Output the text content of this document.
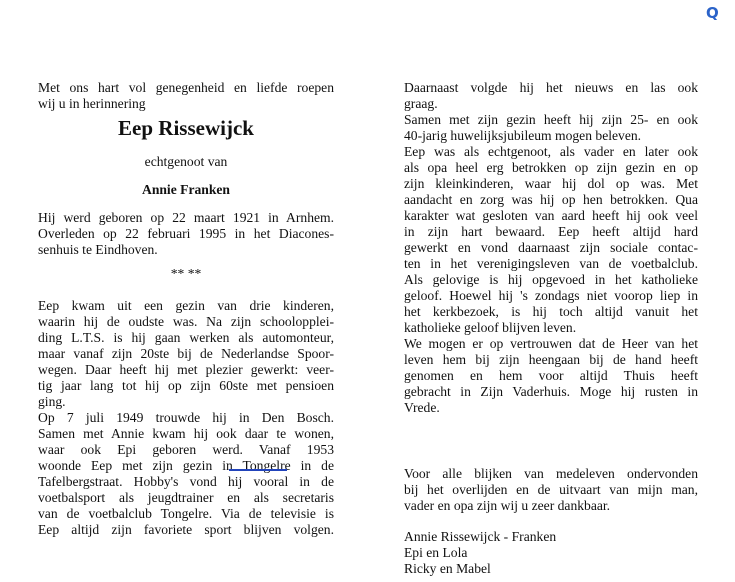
Q
Met ons hart vol genegenheid en liefde roepen
wij u in herinnering
Eep Rissewijck
echtgenoot van
Annie Franken
Hij werd geboren op 22 maart 1921 in Arnhem.
Overleden op 22 februari 1995 in het Diacones-
senhuis te Eindhoven.
** **
Eep kwam uit een gezin van drie kinderen,
waarin hij de oudste was. Na zijn schoolopplei-
ding L.T.S. is hij gaan werken als automonteur,
maar vanaf zijn 20ste bij de Nederlandse Spoor-
wegen. Daar heeft hij met plezier gewerkt: veer-
tig jaar lang tot hij op zijn 60ste met pensioen
ging.
Op 7 juli 1949 trouwde hij in Den Bosch.
Samen met Annie kwam hij ook daar te wonen,
waar ook Epi geboren werd. Vanaf 1953
woonde Eep met zijn gezin in Tongelre in de
Tafelbergstraat. Hobby's vond hij vooral in de
voetbalsport als jeugdtrainer en als secretaris
van de voetbalclub Tongelre. Via de televisie is
Eep altijd zijn favoriete sport blijven volgen.
Daarnaast volgde hij het nieuws en las ook
graag.
Samen met zijn gezin heeft hij zijn 25- en ook
40-jarig huwelijksjubileum mogen beleven.
Eep was als echtgenoot, als vader en later ook
als opa heel erg betrokken op zijn gezin en op
zijn kleinkinderen, waar hij dol op was. Met
aandacht en zorg was hij op hen betrokken. Qua
karakter wat gesloten van aard heeft hij ook veel
in zijn hart bewaard. Eep heeft altijd hard
gewerkt en vond daarnaast zijn sociale contac-
ten in het verenigingsleven van de voetbalclub.
Als gelovige is hij opgevoed in het katholieke
geloof. Hoewel hij 's zondags niet voorop liep in
het kerkbezoek, is hij toch altijd vanuit het
katholieke geloof blijven leven.
We mogen er op vertrouwen dat de Heer van het
leven hem bij zijn heengaan bij de hand heeft
genomen en hem voor altijd Thuis heeft
gebracht in Zijn Vaderhuis. Moge hij rusten in
Vrede.
Voor alle blijken van medeleven ondervonden
bij het overlijden en de uitvaart van mijn man,
vader en opa zijn wij u zeer dankbaar.
Annie Rissewijck - Franken
Epi en Lola
Ricky en Mabel
